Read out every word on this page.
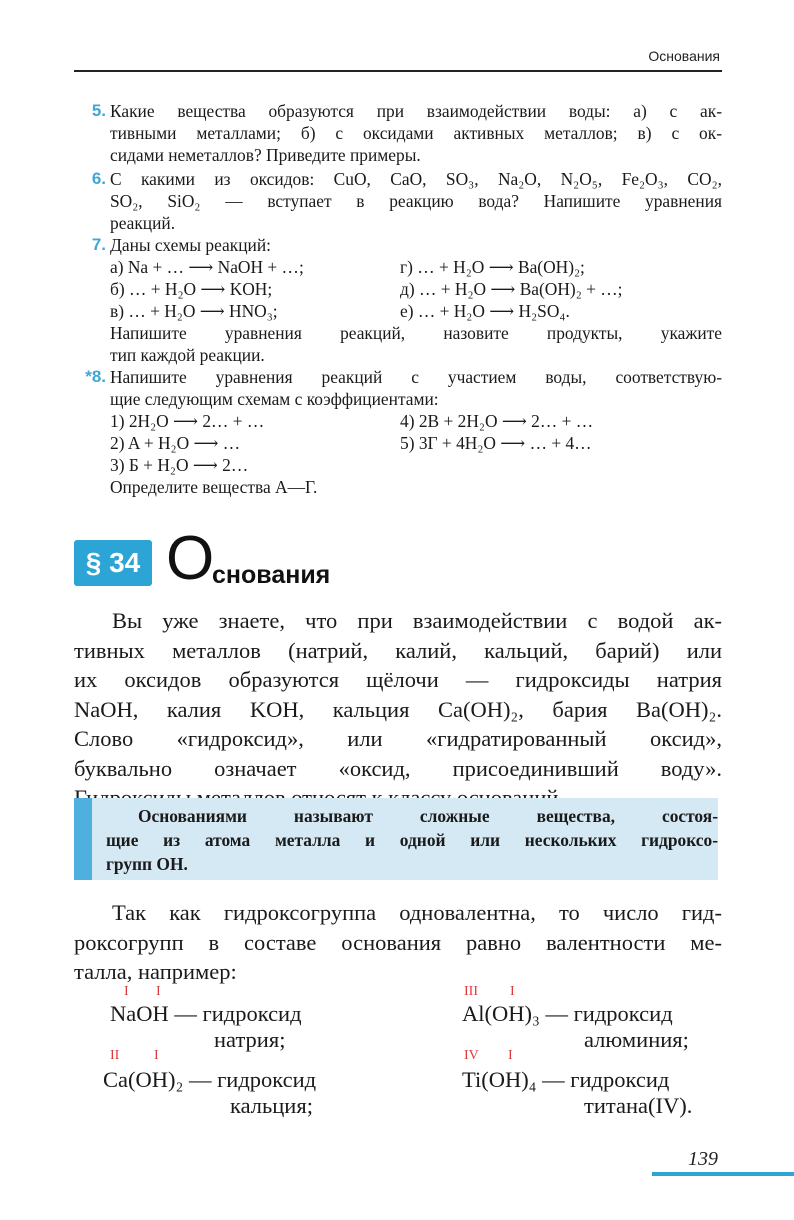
Основания
5. Какие вещества образуются при взаимодействии воды: а) с ак-
тивными металлами; б) с оксидами активных металлов; в) с ок-
сидами неметаллов? Приведите примеры.
6. С какими из оксидов: CuO, CaO, SO₃, Na₂O, N₂O₅, Fe₂O₃, CO₂,
SO₂, SiO₂ — вступает в реакцию вода? Напишите уравнения
реакций.
7. Даны схемы реакций:
а) Na + … ⟶ NaOH + …;	г) … + H₂O ⟶ Ba(OH)₂;
б) … + H₂O ⟶ KOH;	д) … + H₂O ⟶ Ba(OH)₂ + …;
в) … + H₂O ⟶ HNO₃;	е) … + H₂O ⟶ H₂SO₄.
Напишите уравнения реакций, назовите продукты, укажите
тип каждой реакции.
*8. Напишите уравнения реакций с участием воды, соответствую-
щие следующим схемам с коэффициентами:
1) 2H₂O ⟶ 2… + …	4) 2B + 2H₂O ⟶ 2… + …
2) A + H₂O ⟶ …	5) 3Г + 4H₂O ⟶ … + 4…
3) Б + H₂O ⟶ 2…
Определите вещества А—Г.
§ 34 О
снования
Вы уже знаете, что при взаимодействии с водой ак-
тивных металлов (натрий, калий, кальций, барий) или
их оксидов образуются щёлочи — гидроксиды натрия
NaOH, калия KOH, кальция Ca(OH)₂, бария Ba(OH)₂.
Слово «гидроксид», или «гидратированный оксид»,
буквально означает «оксид, присоединивший воду».
Основаниями называют сложные вещества, состоя-
щие из атома металла и одной или нескольких гидроксо-
групп OH.
Так как гидроксогруппа одновалентна, то число гид-
роксогрупп в составе основания равно валентности ме-
талла, например:
I I
NaOH — гидроксид
натрия;
III I
Al(OH)₃ — гидроксид
алюминия;
II I
Ca(OH)₂ — гидроксид
кальция;
IV I
Ti(OH)₄ — гидроксид
титана(IV).
139
